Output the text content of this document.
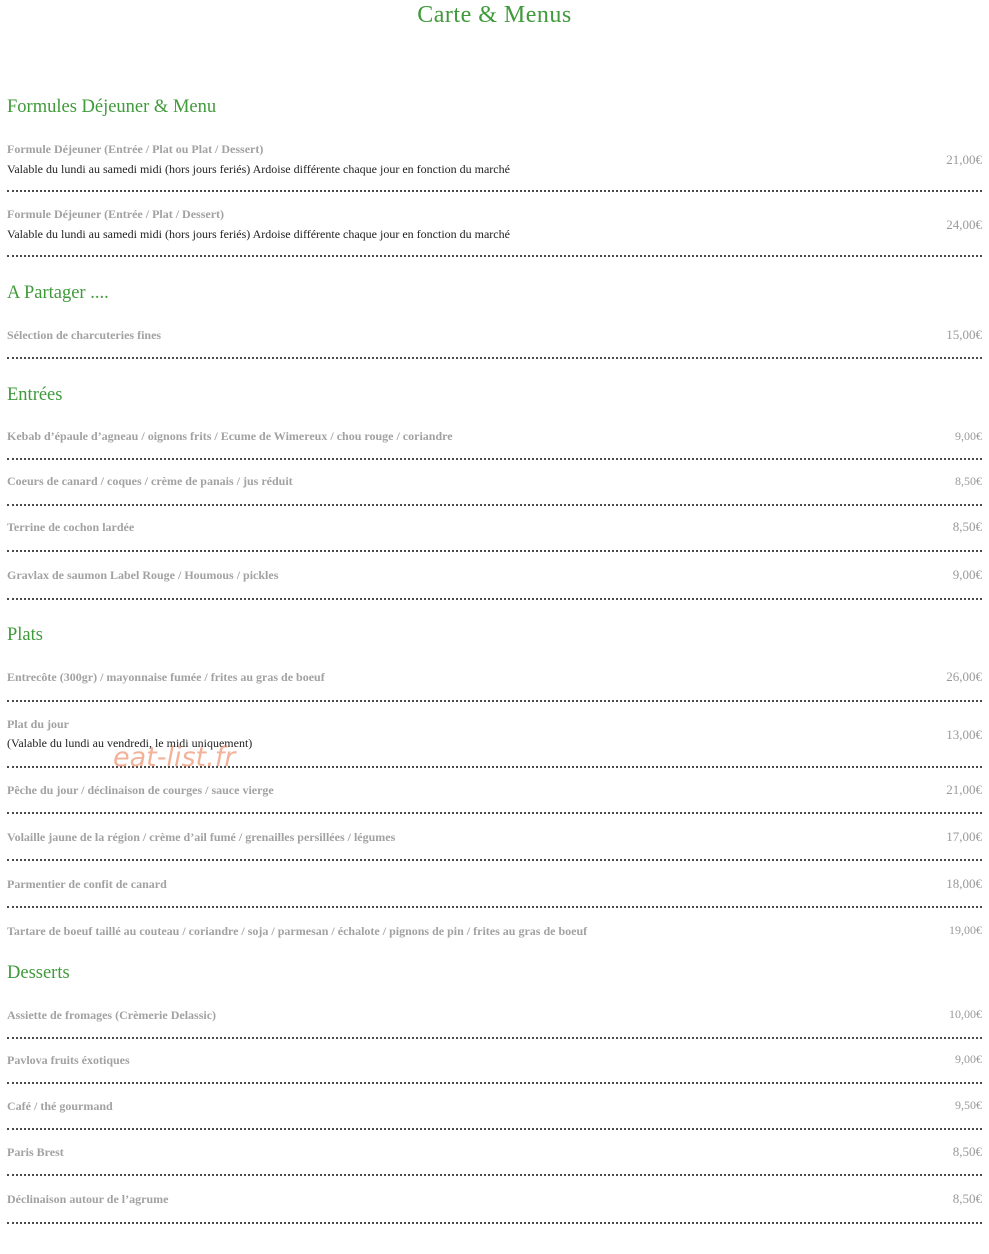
Carte & Menus
Formules Déjeuner & Menu
Formule Déjeuner (Entrée / Plat ou Plat / Dessert)
Valable du lundi au samedi midi (hors jours feriés) Ardoise différente chaque jour en fonction du marché
21,00€
Formule Déjeuner (Entrée / Plat / Dessert)
Valable du lundi au samedi midi (hors jours feriés) Ardoise différente chaque jour en fonction du marché
24,00€
A Partager ....
Sélection de charcuteries fines	15,00€
Entrées
Kebab d’épaule d’agneau / oignons frits / Ecume de Wimereux / chou rouge / coriandre	9,00€
Coeurs de canard / coques / crème de panais / jus réduit	8,50€
Terrine de cochon lardée	8,50€
Gravlax de saumon Label Rouge / Houmous / pickles	9,00€
Plats
Entrecôte (300gr) / mayonnaise fumée / frites au gras de boeuf	26,00€
Plat du jour
(Valable du lundi au vendredi, le midi uniquement)
13,00€
Pêche du jour / déclinaison de courges / sauce vierge	21,00€
Volaille jaune de la région / crème d’ail fumé / grenailles persillées / légumes	17,00€
Parmentier de confit de canard	18,00€
Tartare de boeuf taillé au couteau / coriandre / soja / parmesan / échalote / pignons de pin / frites au gras de boeuf	19,00€
Desserts
Assiette de fromages (Crèmerie Delassic)	10,00€
Pavlova fruits éxotiques	9,00€
Café / thé gourmand	9,50€
Paris Brest	8,50€
Déclinaison autour de l’agrume	8,50€
eat-list.fr
